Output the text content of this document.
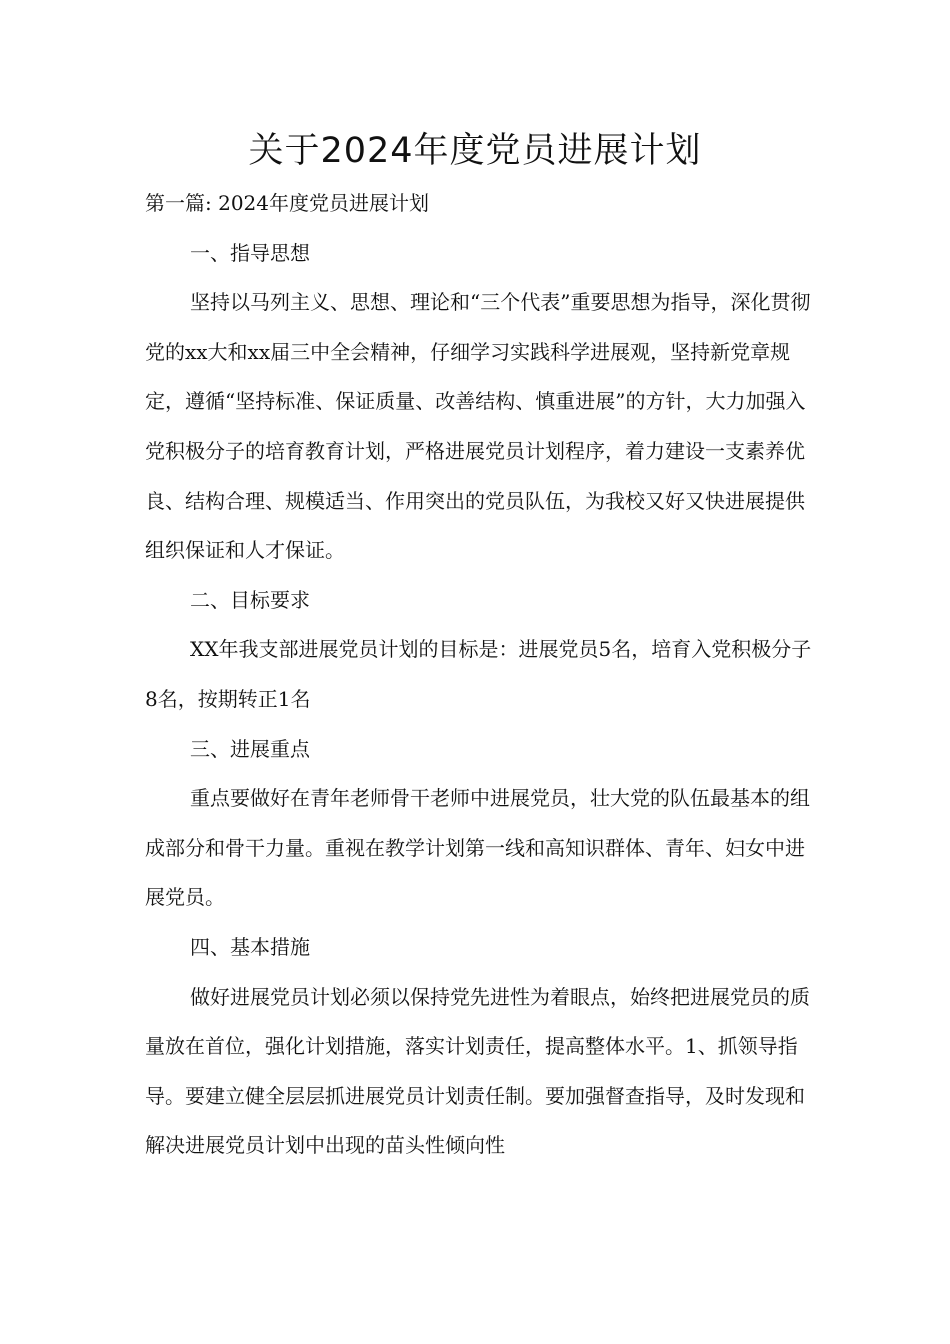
关于2024年度党员进展计划

第一篇: 2024年度党员进展计划

一、指导思想

坚持以马列主义、思想、理论和“三个代表”重要思想为指导，深化贯彻党的xx大和xx届三中全会精神，仔细学习实践科学进展观，坚持新党章规定，遵循“坚持标准、保证质量、改善结构、慎重进展”的方针，大力加强入党积极分子的培育教育计划，严格进展党员计划程序，着力建设一支素养优良、结构合理、规模适当、作用突出的党员队伍，为我校又好又快进展提供组织保证和人才保证。

二、目标要求

XX年我支部进展党员计划的目标是：进展党员5名，培育入党积极分子8名，按期转正1名

三、进展重点

重点要做好在青年老师骨干老师中进展党员，壮大党的队伍最基本的组成部分和骨干力量。重视在教学计划第一线和高知识群体、青年、妇女中进展党员。

四、基本措施

做好进展党员计划必须以保持党先进性为着眼点，始终把进展党员的质量放在首位，强化计划措施，落实计划责任，提高整体水平。1、抓领导指导。要建立健全层层抓进展党员计划责任制。要加强督查指导，及时发现和解决进展党员计划中出现的苗头性倾向性
